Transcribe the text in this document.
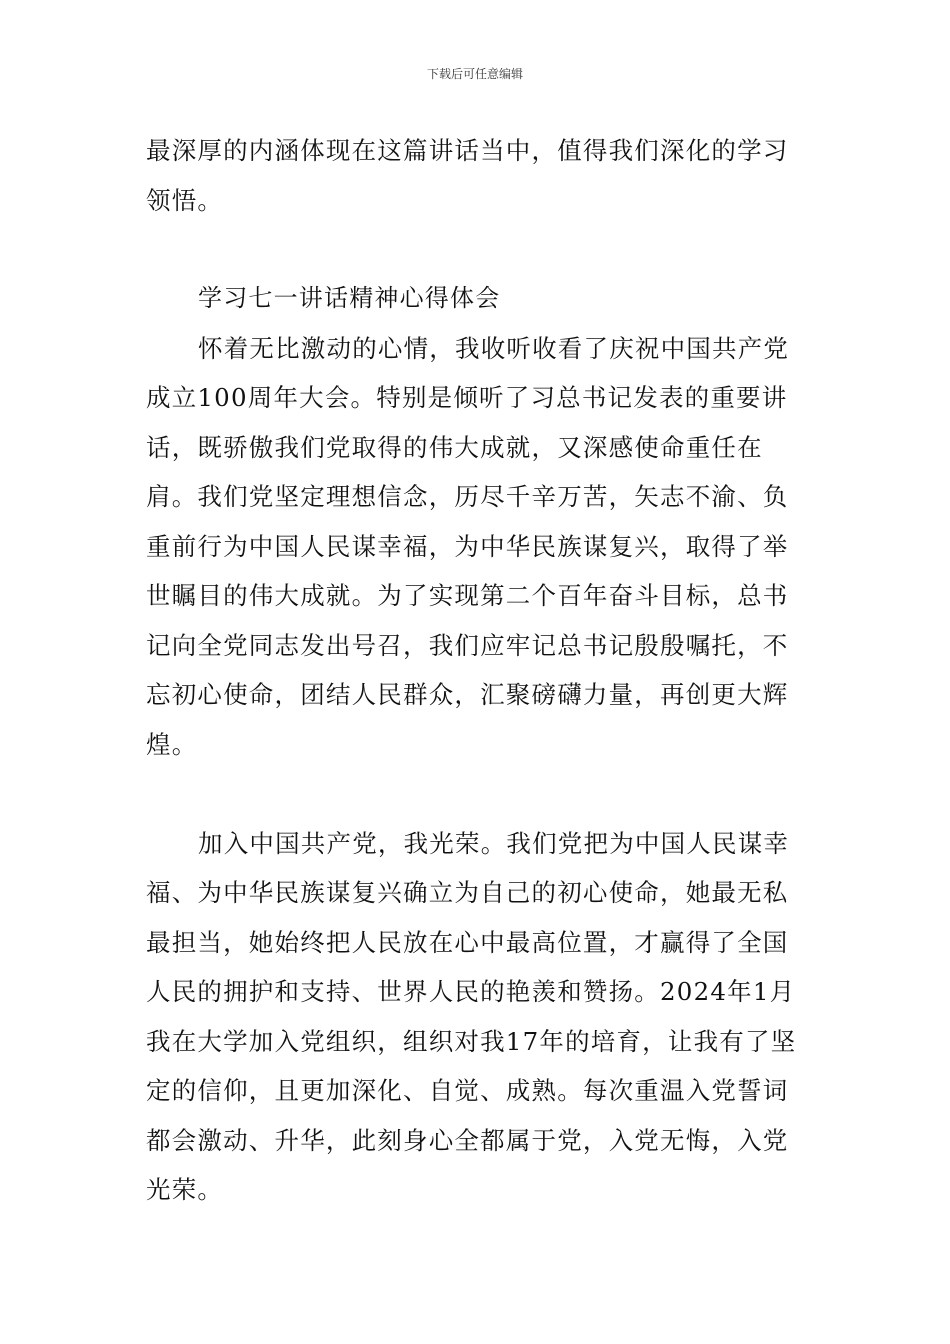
下载后可任意编辑

最深厚的内涵体现在这篇讲话当中，值得我们深化的学习领悟。

学习七一讲话精神心得体会

怀着无比激动的心情，我收听收看了庆祝中国共产党成立100周年大会。特别是倾听了习总书记发表的重要讲话，既骄傲我们党取得的伟大成就，又深感使命重任在肩。我们党坚定理想信念，历尽千辛万苦，矢志不渝、负重前行为中国人民谋幸福，为中华民族谋复兴，取得了举世瞩目的伟大成就。为了实现第二个百年奋斗目标，总书记向全党同志发出号召，我们应牢记总书记殷殷嘱托，不忘初心使命，团结人民群众，汇聚磅礴力量，再创更大辉煌。

加入中国共产党，我光荣。我们党把为中国人民谋幸福、为中华民族谋复兴确立为自己的初心使命，她最无私最担当，她始终把人民放在心中最高位置，才赢得了全国人民的拥护和支持、世界人民的艳羡和赞扬。2024年1月我在大学加入党组织，组织对我17年的培育，让我有了坚定的信仰，且更加深化、自觉、成熟。每次重温入党誓词都会激动、升华，此刻身心全都属于党，入党无悔，入党光荣。
